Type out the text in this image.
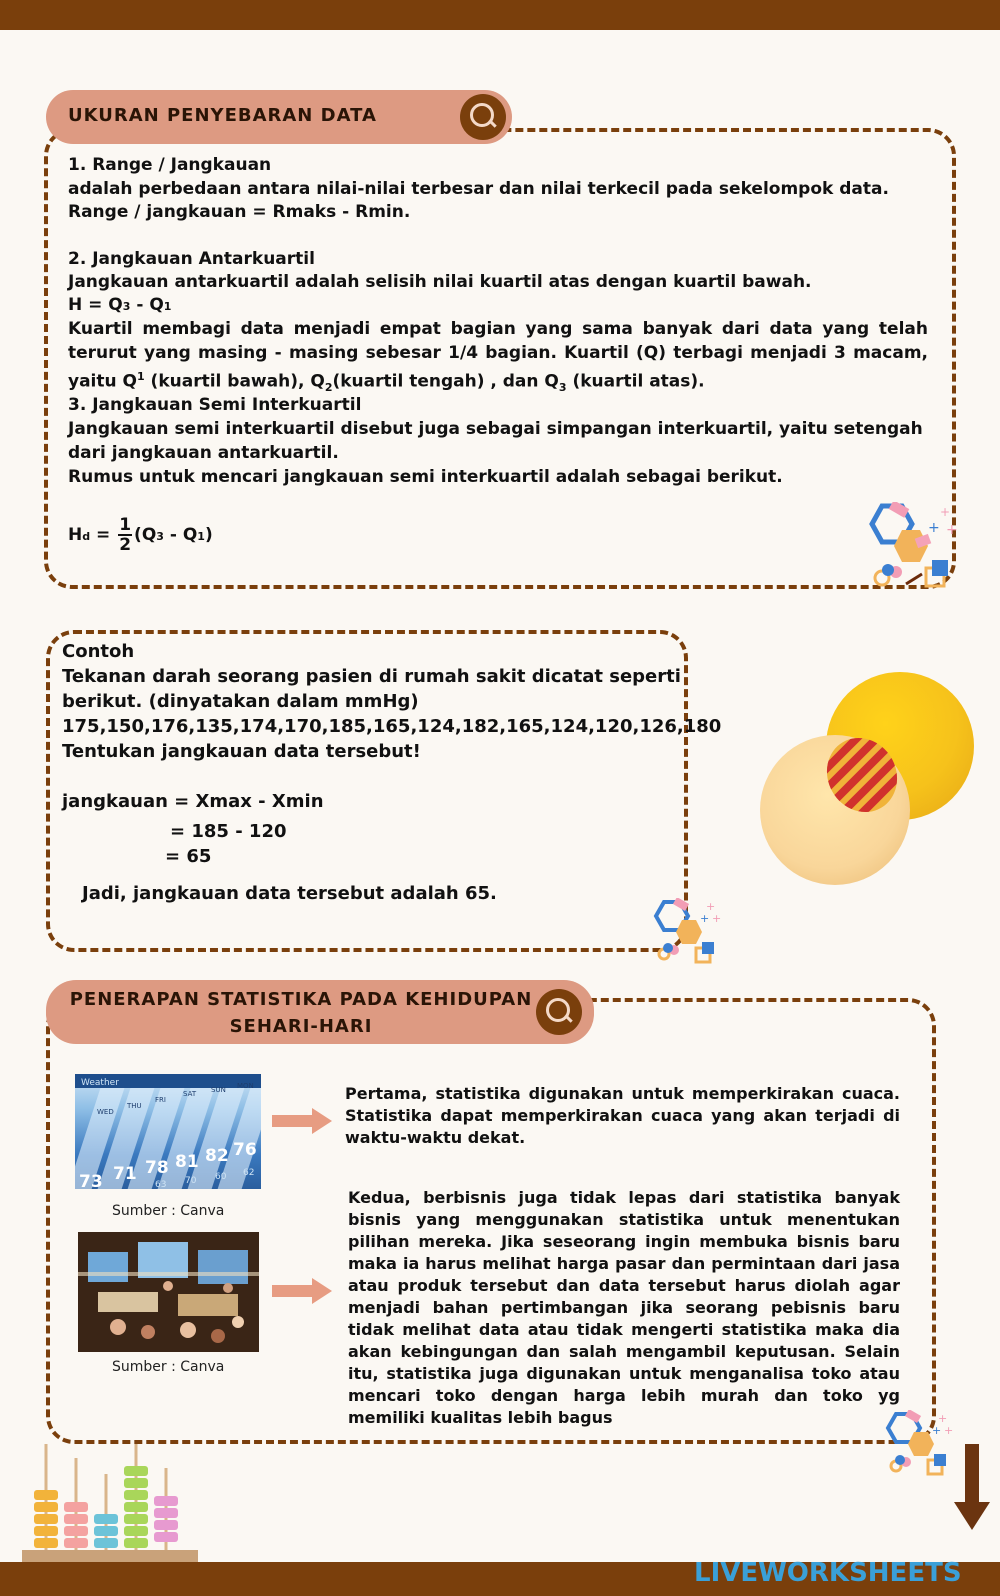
UKURAN PENYEBARAN DATA
1. Range / Jangkauan
adalah perbedaan antara nilai-nilai terbesar dan nilai terkecil pada sekelompok data.
Range / jangkauan = Rmaks - Rmin.
2. Jangkauan Antarkuartil
Jangkauan antarkuartil adalah selisih nilai kuartil atas dengan kuartil bawah.
H = Q3 - Q1
Kuartil membagi data menjadi empat bagian yang sama banyak dari data yang telah terurut yang masing - masing sebesar 1/4 bagian. Kuartil (Q) terbagi menjadi 3 macam, yaitu $Q^1$ (kuartil bawah), $Q_2(kuartil$ tengah) , dan $Q_3$ (kuartil atas).
3. Jangkauan Semi Interkuartil
Jangkauan semi interkuartil disebut juga sebagai simpangan interkuartil, yaitu setengah dari jangkauan antarkuartil.
Rumus untuk mencari jangkauan semi interkuartil adalah sebagai berikut.
$Hd = \frac{1}{2} (Q3 - Q1)$
+
+ +
Contoh
Tekanan darah seorang pasien di rumah sakit dicatat seperti
berikut. (dinyatakan dalam mmHg)
175,150,176,135,174,170,185,165,124,182,165,124,120,126,180
Tentukan jangkauan data tersebut!
jangkauan = Xmax - Xmin
= 185 - 120
= 65
Jadi, jangkauan data tersebut adalah 65.
+
+ +
PENERAPAN STATISTIKA PADA KEHIDUPAN
SEHARI-HARI
Weather
WED
THU
FRI
SAT SUN MON
73 71 78 81 82 76
63 70 60 62
Sumber : Canva
Sumber : Canva
Pertama, statistika digunakan untuk memperkirakan cuaca. Statistika dapat memperkirakan cuaca yang akan terjadi di waktu-waktu dekat.
Kedua, berbisnis juga tidak lepas dari statistika banyak bisnis yang menggunakan statistika untuk menentukan pilihan mereka. Jika seseorang ingin membuka bisnis baru maka ia harus melihat harga pasar dan permintaan dari jasa atau produk tersebut dan data tersebut harus diolah agar menjadi bahan pertimbangan jika seorang pebisnis baru tidak melihat data atau tidak mengerti statistika maka dia akan kebingungan dan salah mengambil keputusan. Selain itu, statistika juga digunakan untuk menganalisa toko atau mencari toko dengan harga lebih murah dan toko yg memiliki kualitas lebih bagus	+
+ +
LIVEWORKSHEETS
